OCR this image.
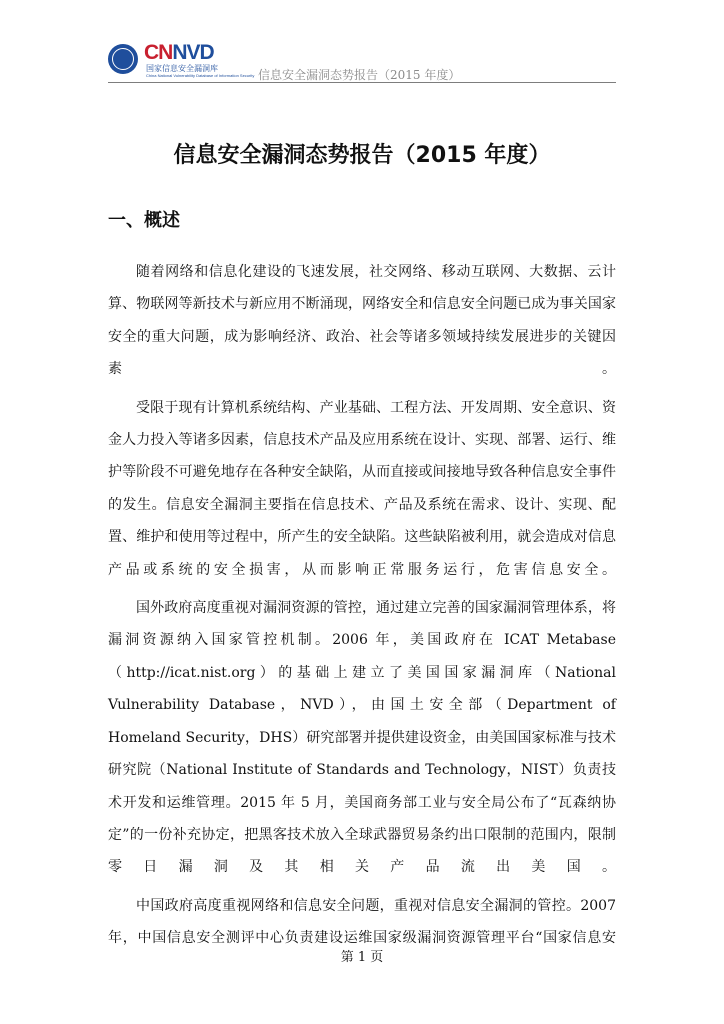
CNNVD
国家信息安全漏洞库
China National Vulnerability Database of Information Security 信息安全漏洞态势报告（2015 年度）
信息安全漏洞态势报告（2015 年度）
一、概述

随着网络和信息化建设的飞速发展，社交网络、移动互联网、大数据、云计算、物联网等新技术与新应用不断涌现，网络安全和信息安全问题已成为事关国家安全的重大问题，成为影响经济、政治、社会等诸多领域持续发展进步的关键因素。

受限于现有计算机系统结构、产业基础、工程方法、开发周期、安全意识、资金人力投入等诸多因素，信息技术产品及应用系统在设计、实现、部署、运行、维护等阶段不可避免地存在各种安全缺陷，从而直接或间接地导致各种信息安全事件的发生。信息安全漏洞主要指在信息技术、产品及系统在需求、设计、实现、配置、维护和使用等过程中，所产生的安全缺陷。这些缺陷被利用，就会造成对信息产品或系统的安全损害，从而影响正常服务运行，危害信息安全。

国外政府高度重视对漏洞资源的管控，通过建立完善的国家漏洞管理体系，将漏洞资源纳入国家管控机制。2006 年，美国政府在 ICAT Metabase（http://icat.nist.org）的基础上建立了美国国家漏洞库（National Vulnerability Database，NVD），由国土安全部（Department of Homeland Security，DHS）研究部署并提供建设资金，由美国国家标准与技术研究院（National Institute of Standards and Technology，NIST）负责技术开发和运维管理。2015 年 5 月，美国商务部工业与安全局公布了“瓦森纳协定”的一份补充协定，把黑客技术放入全球武器贸易条约出口限制的范围内，限制零日漏洞及其相关产品流出美国。

中国政府高度重视网络和信息安全问题，重视对信息安全漏洞的管控。2007 年，中国信息安全测评中心负责建设运维国家级漏洞资源管理平台“国家信息安

第 1 页
